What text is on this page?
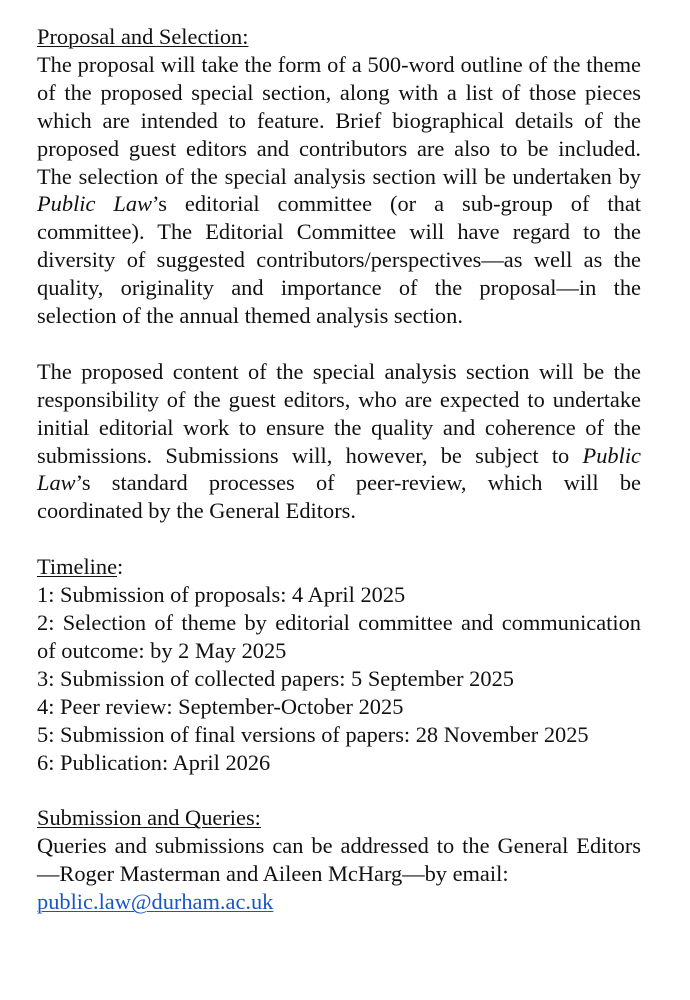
Proposal and Selection:

The proposal will take the form of a 500-word outline of the theme of the proposed special section, along with a list of those pieces which are intended to feature. Brief biographical details of the proposed guest editors and contributors are also to be included. The selection of the special analysis section will be undertaken by Public Law’s editorial committee (or a sub-group of that committee). The Editorial Committee will have regard to the diversity of suggested contributors/perspectives—as well as the quality, originality and importance of the proposal—in the selection of the annual themed analysis section.

The proposed content of the special analysis section will be the responsibility of the guest editors, who are expected to undertake initial editorial work to ensure the quality and coherence of the submissions. Submissions will, however, be subject to Public Law’s standard processes of peer-review, which will be coordinated by the General Editors.

Timeline:

1: Submission of proposals: 4 April 2025

2: Selection of theme by editorial committee and communication of outcome: by 2 May 2025

3: Submission of collected papers: 5 September 2025

4: Peer review: September-October 2025

5: Submission of final versions of papers: 28 November 2025

6: Publication: April 2026

Submission and Queries:

Queries and submissions can be addressed to the General Editors—Roger Masterman and Aileen McHarg—by email:

public.law@durham.ac.uk
